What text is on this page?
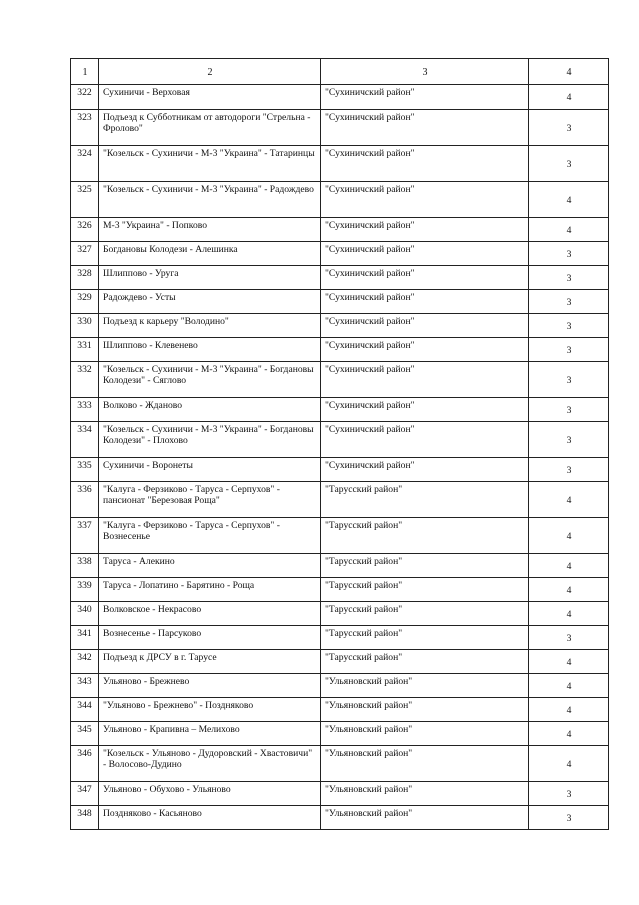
1	2	3	4
322	Сухиничи - Верховая	"Сухиничский район"	4
323	Подъезд к Субботникам от автодороги "Стрельна - Фролово"	"Сухиничский район"	3
324	"Козельск - Сухиничи - М-3 "Украина" - Татаринцы	"Сухиничский район"	3
325	"Козельск - Сухиничи - М-3 "Украина" - Радождево	"Сухиничский район"	4
326	М-3 "Украина" - Попково	"Сухиничский район"	4
327	Богдановы Колодези - Алешинка	"Сухиничский район"	3
328	Шлиппово - Уруга	"Сухиничский район"	3
329	Радождево - Усты	"Сухиничский район"	3
330	Подъезд к карьеру "Володино"	"Сухиничский район"	3
331	Шлиппово - Клевенево	"Сухиничский район"	3
332	"Козельск - Сухиничи - М-3 "Украина" - Богдановы Колодези" - Сяглово	"Сухиничский район"	3
333	Волково - Жданово	"Сухиничский район"	3
334	"Козельск - Сухиничи - М-3 "Украина" - Богдановы Колодези" - Плохово	"Сухиничский район"	3
335	Сухиничи - Воронеты	"Сухиничский район"	3
336	"Калуга - Ферзиково - Таруса - Серпухов" - пансионат "Березовая Роща"	"Тарусский район"	4
337	"Калуга - Ферзиково - Таруса - Серпухов" - Вознесенье	"Тарусский район"	4
338	Таруса - Алекино	"Тарусский район"	4
339	Таруса - Лопатино - Барятино - Роща	"Тарусский район"	4
340	Волковское - Некрасово	"Тарусский район"	4
341	Вознесенье - Парсуково	"Тарусский район"	3
342	Подъезд к ДРСУ в г. Тарусе	"Тарусский район"	4
343	Ульяново - Брежнево	"Ульяновский район"	4
344	"Ульяново - Брежнево" - Поздняково	"Ульяновский район"	4
345	Ульяново - Крапивна – Мелихово	"Ульяновский район"	4
346	"Козельск - Ульяново - Дудоровский - Хвастовичи" - Волосово-Дудино	"Ульяновский район"	4
347	Ульяново - Обухово - Ульяново	"Ульяновский район"	3
348	Поздняково - Касьяново	"Ульяновский район"	3
